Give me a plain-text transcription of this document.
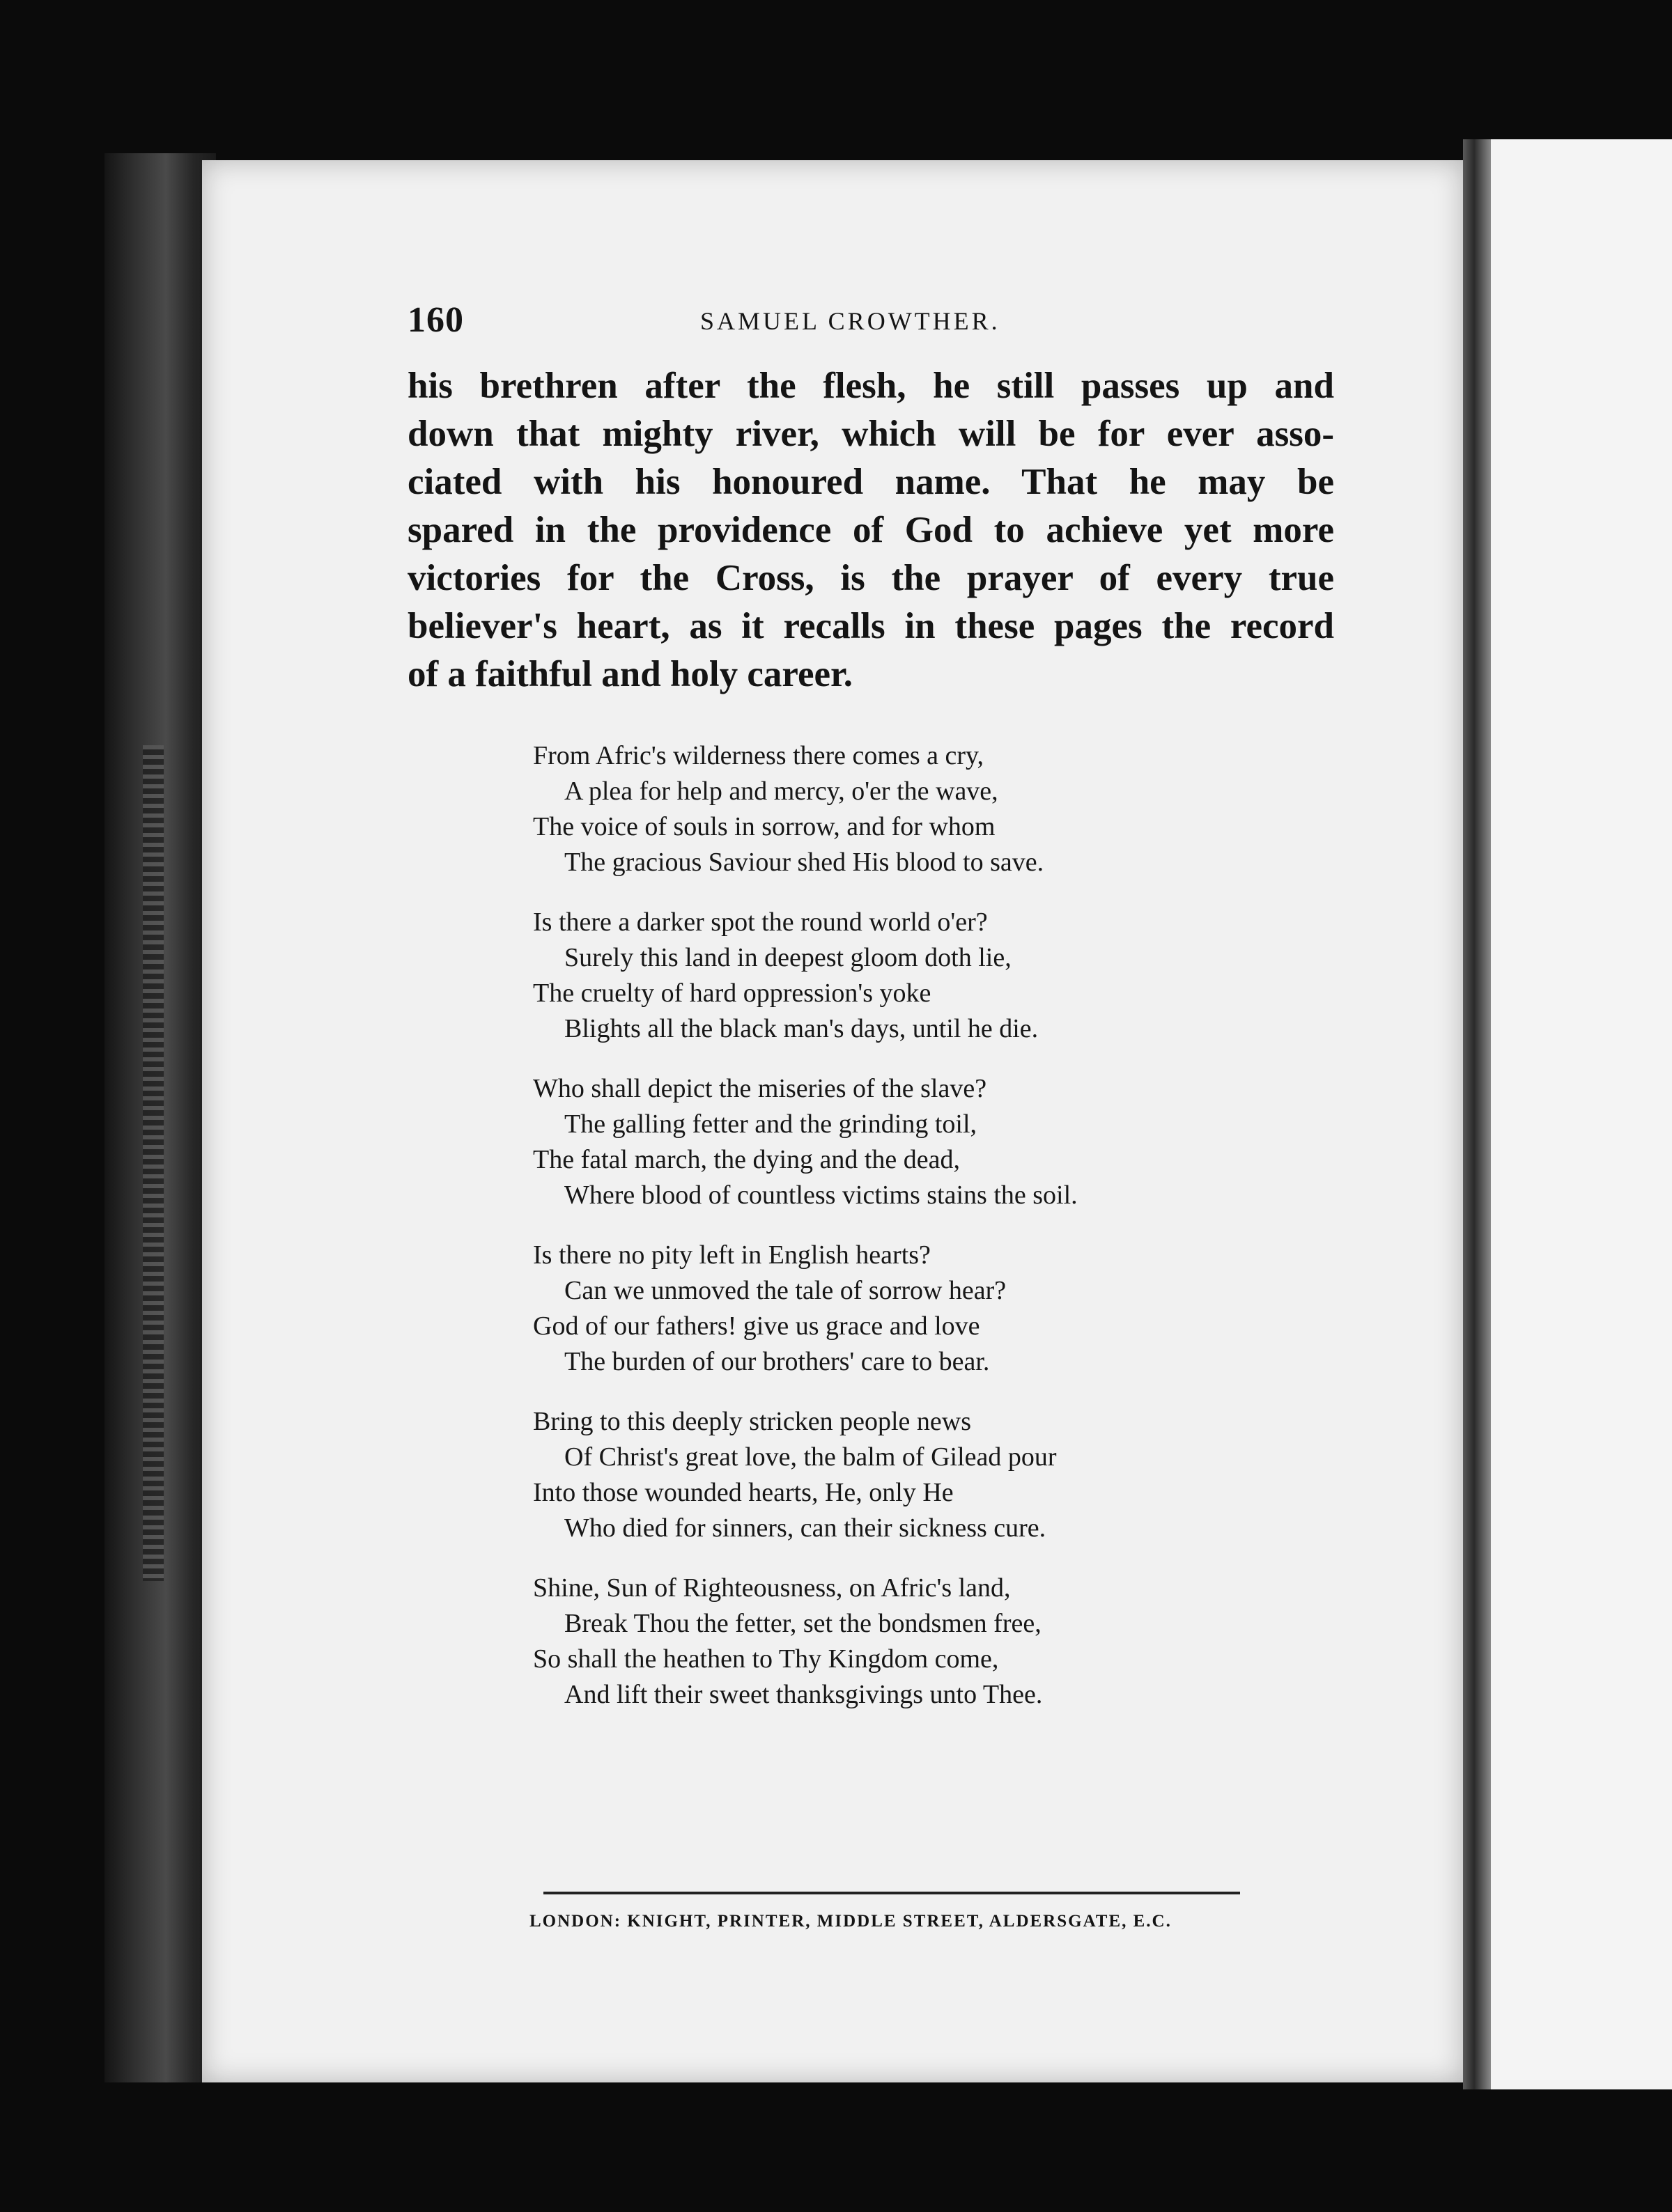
160	SAMUEL CROWTHER.
his brethren after the flesh, he still passes up and
down that mighty river, which will be for ever asso-
ciated with his honoured name. That he may be
spared in the providence of God to achieve yet more
victories for the Cross, is the prayer of every true
believer's heart, as it recalls in these pages the record
of a faithful and holy career.
From Afric's wilderness there comes a cry,
A plea for help and mercy, o'er the wave,
The voice of souls in sorrow, and for whom
The gracious Saviour shed His blood to save.
Is there a darker spot the round world o'er?
Surely this land in deepest gloom doth lie,
The cruelty of hard oppression's yoke
Blights all the black man's days, until he die.
Who shall depict the miseries of the slave?
The galling fetter and the grinding toil,
The fatal march, the dying and the dead,
Where blood of countless victims stains the soil.
Is there no pity left in English hearts?
Can we unmoved the tale of sorrow hear?
God of our fathers! give us grace and love
The burden of our brothers' care to bear.
Bring to this deeply stricken people news
Of Christ's great love, the balm of Gilead pour
Into those wounded hearts, He, only He
Who died for sinners, can their sickness cure.
Shine, Sun of Righteousness, on Afric's land,
Break Thou the fetter, set the bondsmen free,
So shall the heathen to Thy Kingdom come,
And lift their sweet thanksgivings unto Thee.
LONDON: KNIGHT, PRINTER, MIDDLE STREET, ALDERSGATE, E.C.
